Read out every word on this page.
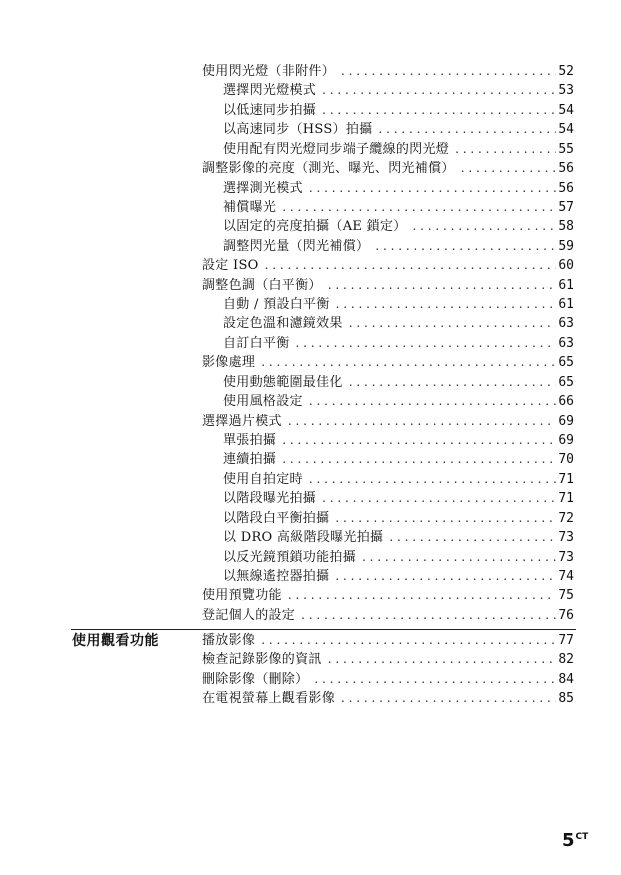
使用閃光燈（非附件） . . .	52
選擇閃光燈模式 . . .	53
以低速同步拍攝 . . .	54
以高速同步（HSS）拍攝 . . .	54
使用配有閃光燈同步端子纜線的閃光燈 . . .	55
調整影像的亮度（測光、曝光、閃光補償） . . .	56
選擇測光模式 . . .	56
補償曝光 . . .	57
以固定的亮度拍攝（AE 鎖定） . . .	58
調整閃光量（閃光補償） . . .	59
設定 ISO . . .	60
調整色調（白平衡） . . .	61
自動 / 預設白平衡 . . .	61
設定色溫和濾鏡效果 . . .	63
自訂白平衡 . . .	63
影像處理 . . .	65
使用動態範圍最佳化 . . .	65
使用風格設定 . . .	66
選擇過片模式 . . .	69
單張拍攝 . . .	69
連續拍攝 . . .	70
使用自拍定時 . . .	71
以階段曝光拍攝 . . .	71
以階段白平衡拍攝 . . .	72
以 DRO 高級階段曝光拍攝 . . .	73
以反光鏡預鎖功能拍攝 . . .	73
以無線遙控器拍攝 . . .	74
使用預覽功能 . . .	75
登記個人的設定 . . .	76
使用觀看功能	播放影像 . . .	77
檢查記錄影像的資訊 . . .	82
刪除影像（刪除） . . .	84
在電視螢幕上觀看影像 . . .	85
$5^{CT}$
